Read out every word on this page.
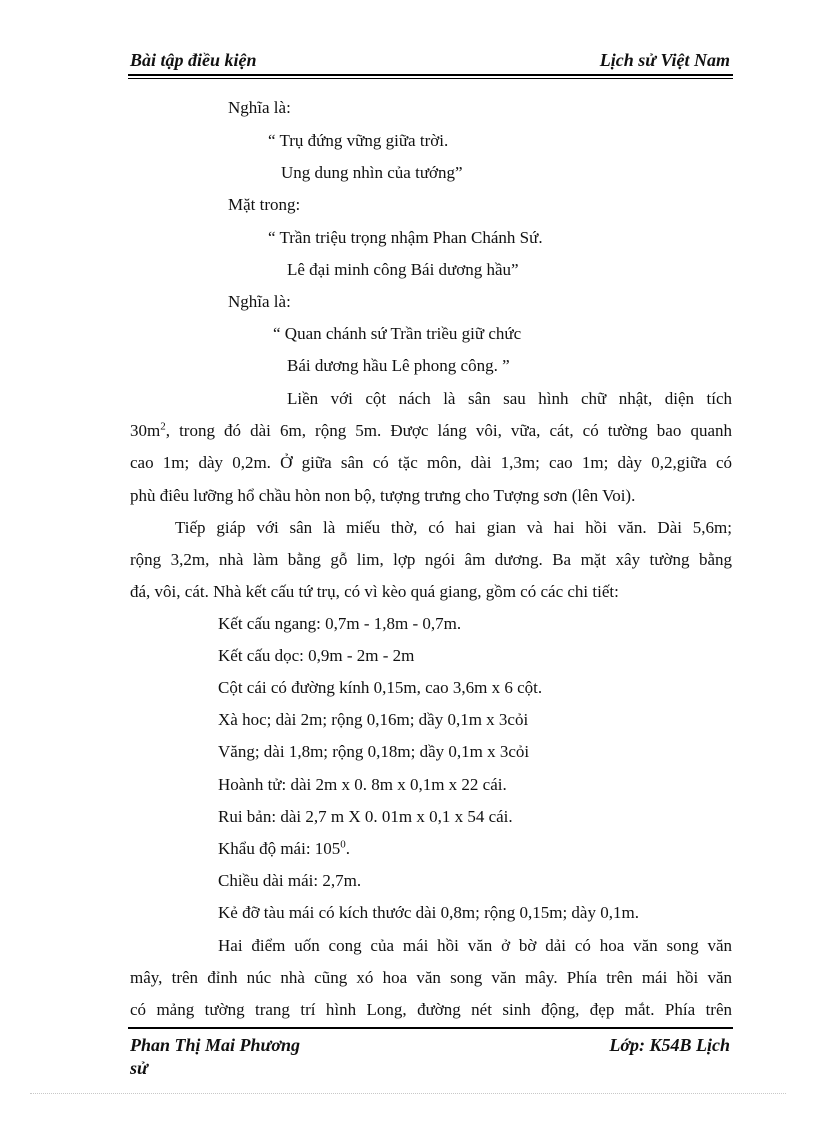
Bài tập điều kiện	Lịch sử Việt Nam
Nghĩa là:
“ Trụ đứng vững giữa trời.
Ung dung nhìn của tướng”
Mặt trong:
“ Trần triệu trọng nhậm Phan Chánh Sứ.
Lê đại minh công Bái dương hầu”
Nghĩa là:
“ Quan chánh sứ Trần triều giữ chức
Bái dương hầu Lê phong công. ”
Liền với cột nách là sân sau hình chữ nhật, diện tích
$30m^2$, trong đó dài 6m, rộng 5m. Được láng vôi, vữa, cát, có tường bao quanh
cao 1m; dày 0,2m. Ở giữa sân có tặc môn, dài 1,3m; cao 1m; dày 0,2,giữa có
phù điêu lưỡng hổ chầu hòn non bộ, tượng trưng cho Tượng sơn (lên Voi).
Tiếp giáp với sân là miếu thờ, có hai gian và hai hồi văn. Dài 5,6m;
rộng 3,2m, nhà làm bằng gỗ lim, lợp ngói âm dương. Ba mặt xây tường bằng
đá, vôi, cát. Nhà kết cấu tứ trụ, có vì kèo quá giang, gồm có các chi tiết:
Kết cấu ngang: 0,7m - 1,8m - 0,7m.
Kết cấu dọc: 0,9m - 2m - 2m
Cột cái có đường kính 0,15m, cao 3,6m x 6 cột.
Xà hoc; dài 2m; rộng 0,16m; dầy 0,1m x 3cỏi
Văng; dài 1,8m; rộng 0,18m; dầy 0,1m x 3cỏi
Hoành tử: dài 2m x 0. 8m x 0,1m x 22 cái.
Rui bản: dài 2,7 m X 0. 01m x 0,1 x 54 cái.
Khẩu độ mái: $105^0$.
Chiều dài mái: 2,7m.
Kẻ đỡ tàu mái có kích thước dài 0,8m; rộng 0,15m; dày 0,1m.
Hai điểm uốn cong của mái hồi văn ở bờ dải có hoa văn song văn
mây, trên đỉnh núc nhà cũng xó hoa văn song văn mây. Phía trên mái hồi văn
có mảng tường trang trí hình Long, đường nét sinh động, đẹp mắt. Phía trên
Phan Thị Mai Phương
sử
Lớp: K54B Lịch
